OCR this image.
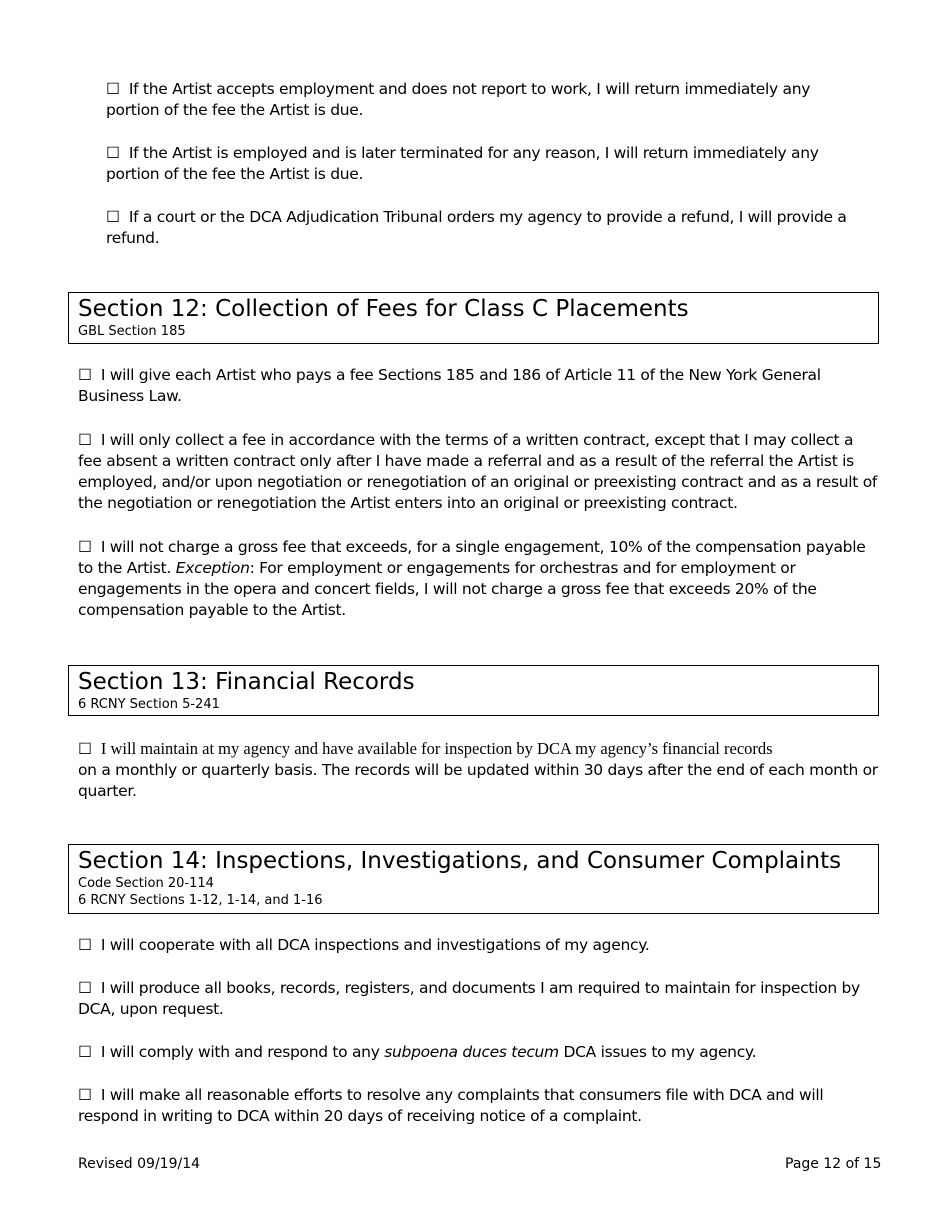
☐ If the Artist accepts employment and does not report to work, I will return immediately any portion of the fee the Artist is due.

☐ If the Artist is employed and is later terminated for any reason, I will return immediately any portion of the fee the Artist is due.

☐ If a court or the DCA Adjudication Tribunal orders my agency to provide a refund, I will provide a refund.

Section 12: Collection of Fees for Class C Placements
GBL Section 185

☐ I will give each Artist who pays a fee Sections 185 and 186 of Article 11 of the New York General Business Law.

☐ I will only collect a fee in accordance with the terms of a written contract, except that I may collect a fee absent a written contract only after I have made a referral and as a result of the referral the Artist is employed, and/or upon negotiation or renegotiation of an original or preexisting contract and as a result of the negotiation or renegotiation the Artist enters into an original or preexisting contract.

☐ I will not charge a gross fee that exceeds, for a single engagement, 10% of the compensation payable to the Artist. Exception: For employment or engagements for orchestras and for employment or engagements in the opera and concert fields, I will not charge a gross fee that exceeds 20% of the compensation payable to the Artist.

Section 13: Financial Records
6 RCNY Section 5-241

☐ I will maintain at my agency and have available for inspection by DCA my agency’s financial records
on a monthly or quarterly basis. The records will be updated within 30 days after the end of each month or quarter.

Section 14: Inspections, Investigations, and Consumer Complaints
Code Section 20-114
6 RCNY Sections 1-12, 1-14, and 1-16

☐ I will cooperate with all DCA inspections and investigations of my agency.

☐ I will produce all books, records, registers, and documents I am required to maintain for inspection by DCA, upon request.

☐ I will comply with and respond to any subpoena duces tecum DCA issues to my agency.

☐ I will make all reasonable efforts to resolve any complaints that consumers file with DCA and will respond in writing to DCA within 20 days of receiving notice of a complaint.

Revised 09/19/14	Page 12 of 15
